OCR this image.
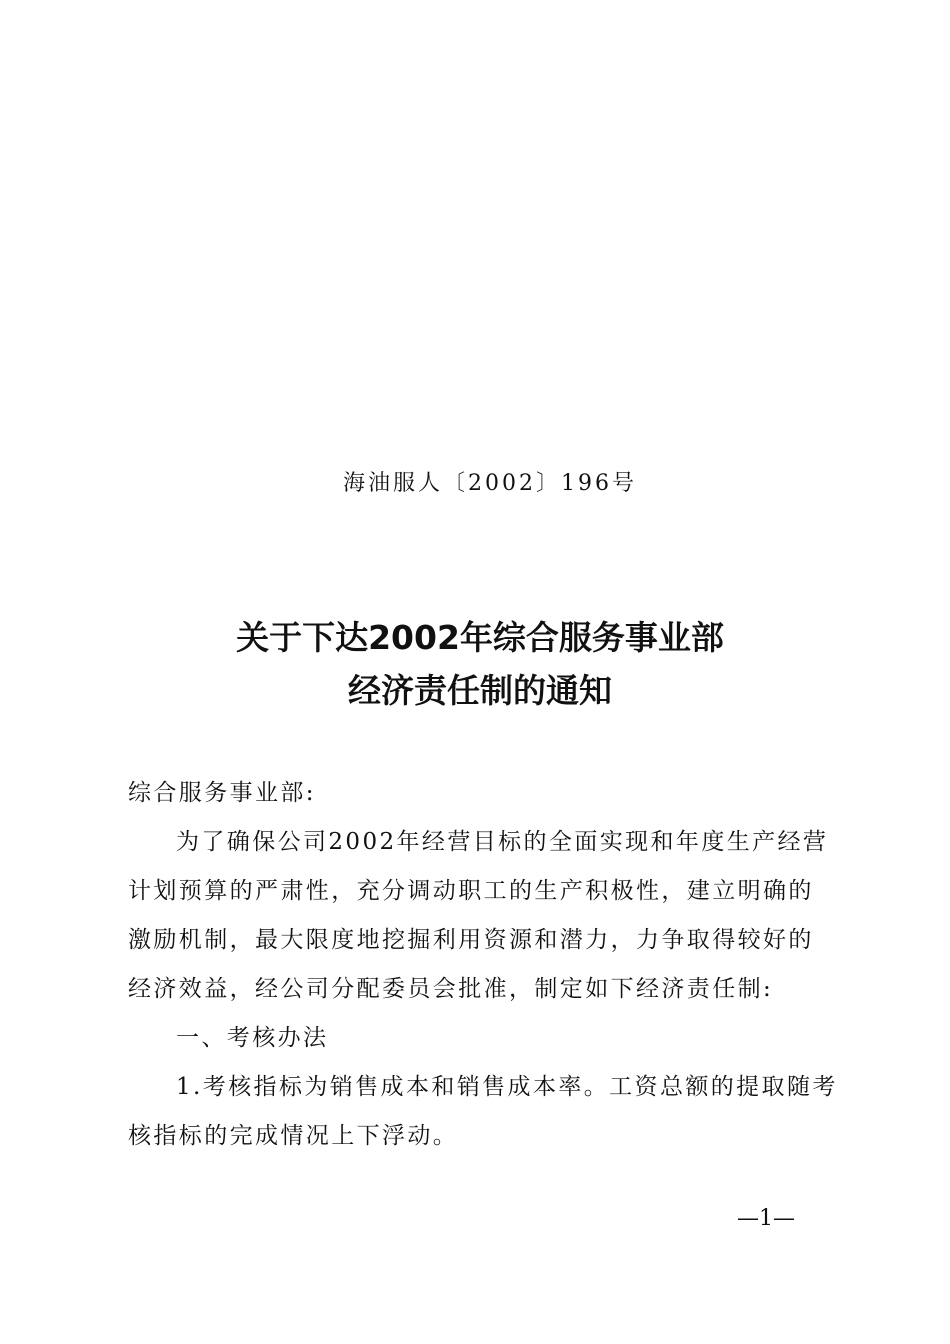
海油服人〔2002〕196号
关于下达2002年综合服务事业部
经济责任制的通知
综合服务事业部:
为了确保公司2002年经营目标的全面实现和年度生产经营
计划预算的严肃性，充分调动职工的生产积极性，建立明确的
激励机制，最大限度地挖掘利用资源和潜力，力争取得较好的
经济效益，经公司分配委员会批准，制定如下经济责任制:
一、考核办法
1.考核指标为销售成本和销售成本率。工资总额的提取随考
核指标的完成情况上下浮动。
—1—
